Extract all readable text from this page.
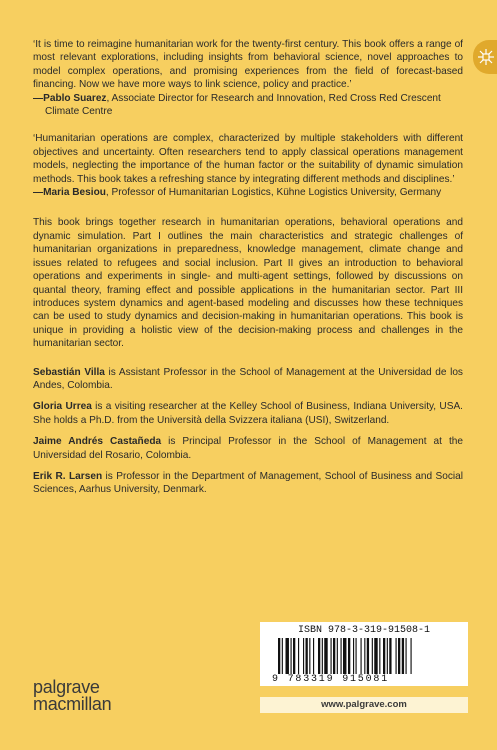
‘It is time to reimagine humanitarian work for the twenty-first century. This book offers a range of most relevant explorations, including insights from behavioral science, novel approaches to model complex operations, and promising experiences from the field of forecast-based financing. Now we have more ways to link science, policy and practice.’

—Pablo Suarez, Associate Director for Research and Innovation, Red Cross Red Crescent Climate Centre

‘Humanitarian operations are complex, characterized by multiple stakeholders with different objectives and uncertainty. Often researchers tend to apply classical operations management models, neglecting the importance of the human factor or the suitability of dynamic simulation methods. This book takes a refreshing stance by integrating different methods and disciplines.’

—Maria Besiou, Professor of Humanitarian Logistics, Kühne Logistics University, Germany

This book brings together research in humanitarian operations, behavioral operations and dynamic simulation. Part I outlines the main characteristics and strategic challenges of humanitarian organizations in preparedness, knowledge management, climate change and issues related to refugees and social inclusion. Part II gives an introduction to behavioral operations and experiments in single- and multi-agent settings, followed by discussions on quantal theory, framing effect and possible applications in the humanitarian sector. Part III introduces system dynamics and agent-based modeling and discusses how these techniques can be used to study dynamics and decision-making in humanitarian operations. This book is unique in providing a holistic view of the decision-making process and challenges in the humanitarian sector.

Sebastián Villa is Assistant Professor in the School of Management at the Universidad de los Andes, Colombia.

Gloria Urrea is a visiting researcher at the Kelley School of Business, Indiana University, USA. She holds a Ph.D. from the Università della Svizzera italiana (USI), Switzerland.

Jaime Andrés Castañeda is Principal Professor in the School of Management at the Universidad del Rosario, Colombia.

Erik R. Larsen is Professor in the Department of Management, School of Business and Social Sciences, Aarhus University, Denmark.

palgrave
macmillan
ISBN 978-3-319-91508-1
9 783319 915081
www.palgrave.com
